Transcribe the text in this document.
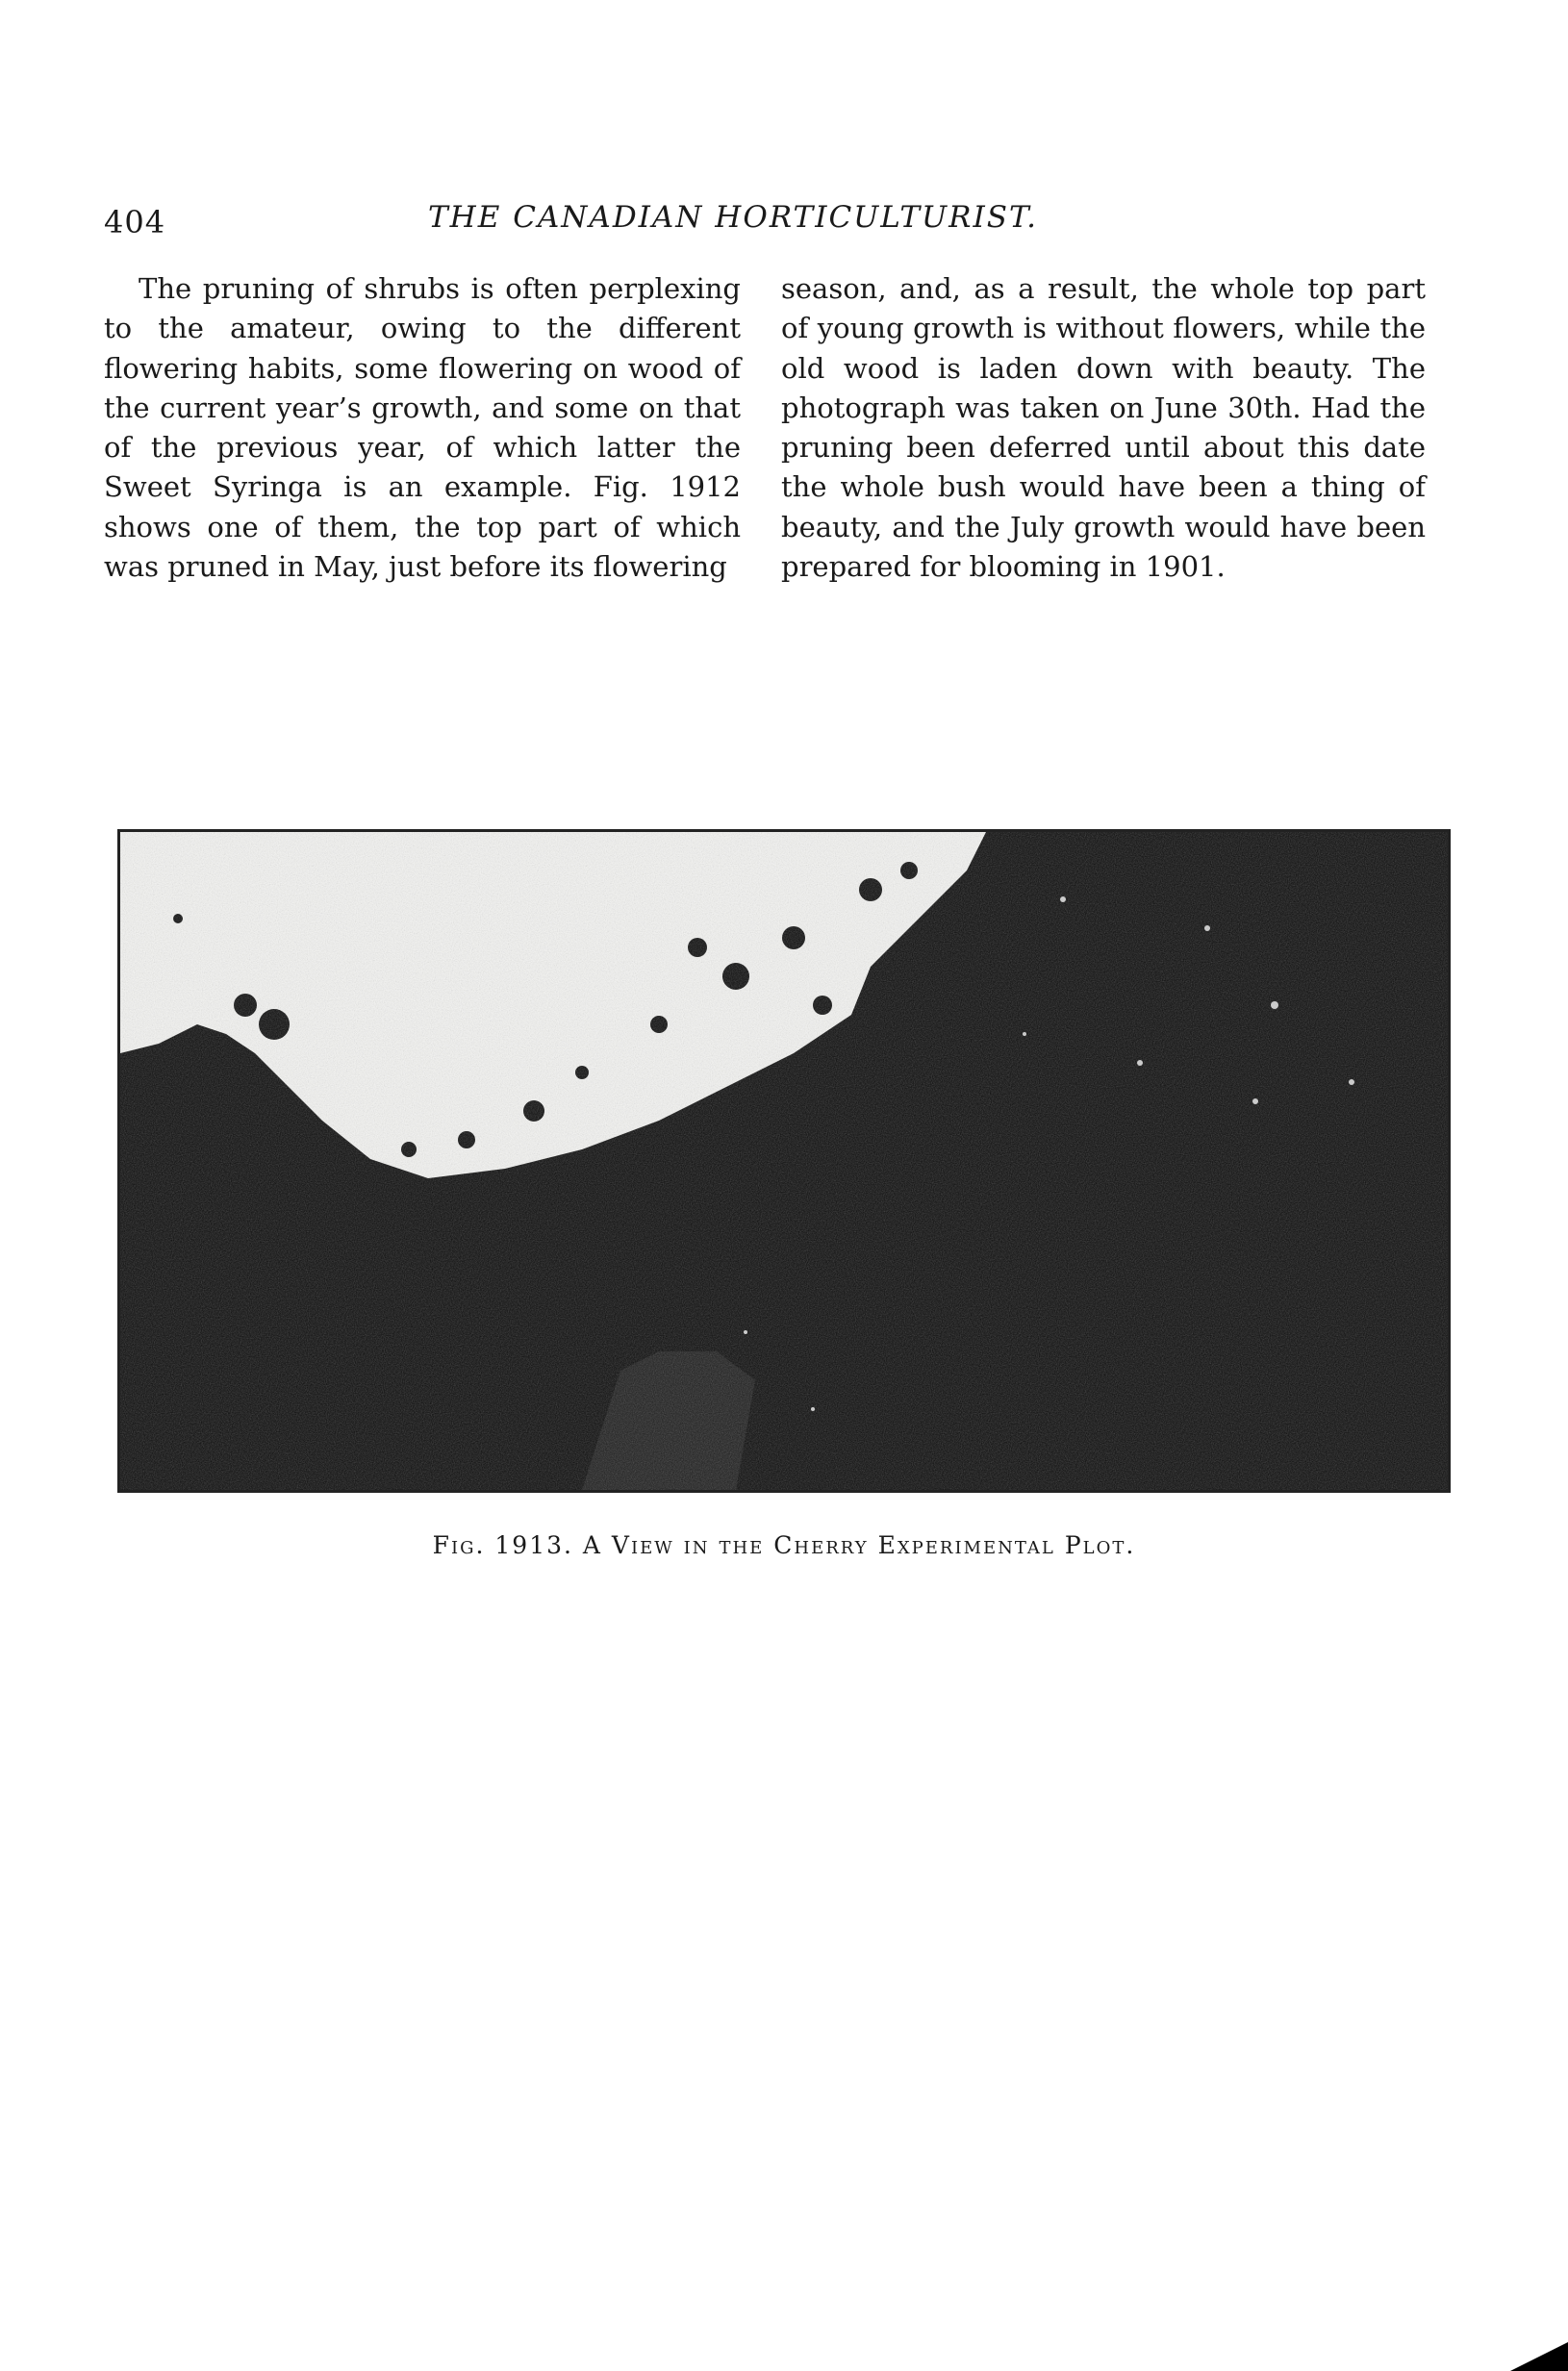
404	THE CANADIAN HORTICULTURIST.

The pruning of shrubs is often perplexing to the amateur, owing to the different flowering habits, some flowering on wood of the current year’s growth, and some on that of the previous year, of which latter the Sweet Syringa is an example. Fig. 1912 shows one of them, the top part of which was pruned in May, just before its flowering

season, and, as a result, the whole top part of young growth is without flowers, while the old wood is laden down with beauty. The photograph was taken on June 30th. Had the pruning been deferred until about this date the whole bush would have been a thing of beauty, and the July growth would have been prepared for blooming in 1901.

Fig. 1913. A View in the Cherry Experimental Plot.
